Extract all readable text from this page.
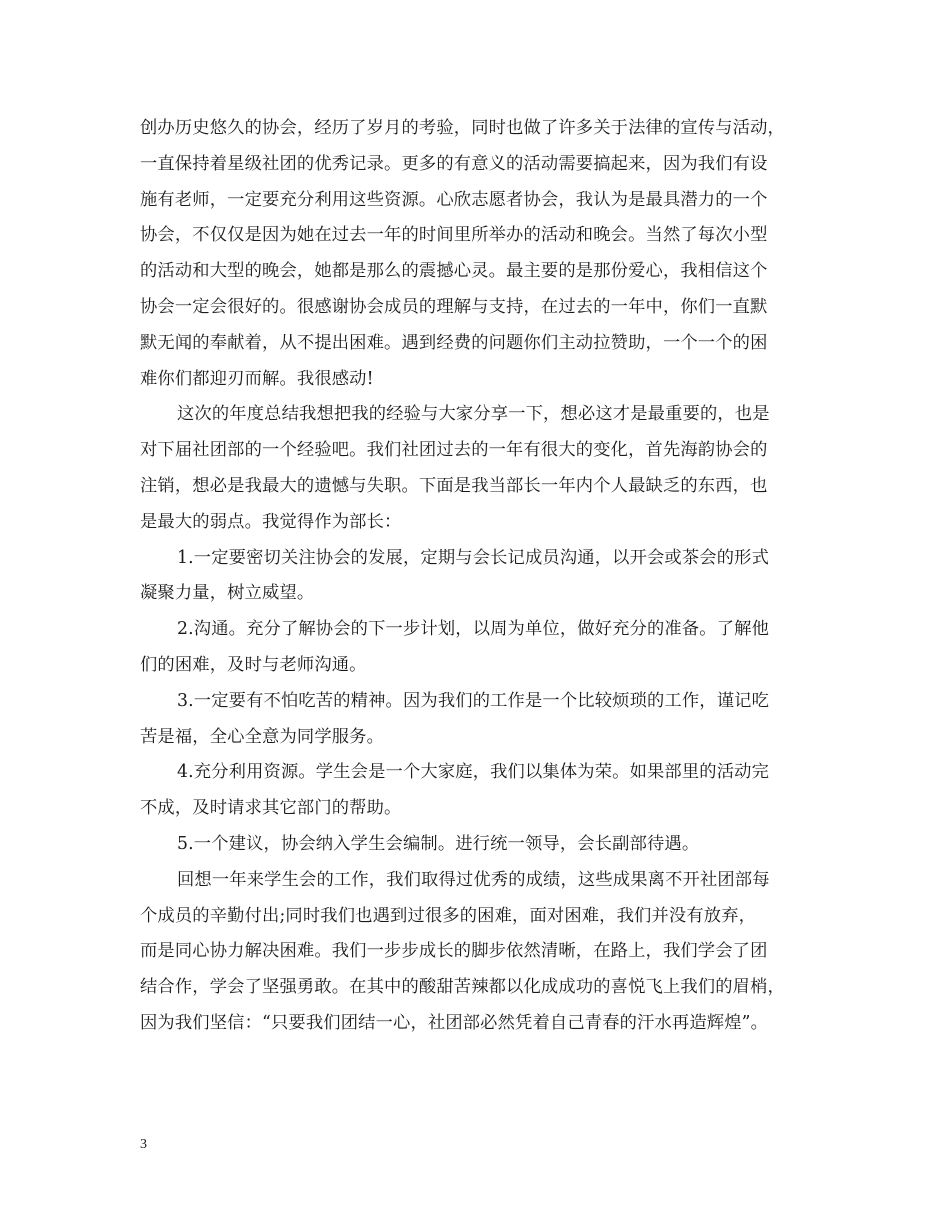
创办历史悠久的协会，经历了岁月的考验，同时也做了许多关于法律的宣传与活动，
一直保持着星级社团的优秀记录。更多的有意义的活动需要搞起来，因为我们有设
施有老师，一定要充分利用这些资源。心欣志愿者协会，我认为是最具潜力的一个
协会，不仅仅是因为她在过去一年的时间里所举办的活动和晚会。当然了每次小型
的活动和大型的晚会，她都是那么的震撼心灵。最主要的是那份爱心，我相信这个
协会一定会很好的。很感谢协会成员的理解与支持，在过去的一年中，你们一直默
默无闻的奉献着，从不提出困难。遇到经费的问题你们主动拉赞助，一个一个的困
难你们都迎刃而解。我很感动!
这次的年度总结我想把我的经验与大家分享一下，想必这才是最重要的，也是
对下届社团部的一个经验吧。我们社团过去的一年有很大的变化，首先海韵协会的
注销，想必是我最大的遗憾与失职。下面是我当部长一年内个人最缺乏的东西，也
是最大的弱点。我觉得作为部长：
1.一定要密切关注协会的发展，定期与会长记成员沟通，以开会或茶会的形式
凝聚力量，树立威望。
2.沟通。充分了解协会的下一步计划，以周为单位，做好充分的准备。了解他
们的困难，及时与老师沟通。
3.一定要有不怕吃苦的精神。因为我们的工作是一个比较烦琐的工作，谨记吃
苦是福，全心全意为同学服务。
4.充分利用资源。学生会是一个大家庭，我们以集体为荣。如果部里的活动完
不成，及时请求其它部门的帮助。
5.一个建议，协会纳入学生会编制。进行统一领导，会长副部待遇。
回想一年来学生会的工作，我们取得过优秀的成绩，这些成果离不开社团部每
个成员的辛勤付出;同时我们也遇到过很多的困难，面对困难，我们并没有放弃，
而是同心协力解决困难。我们一步步成长的脚步依然清晰，在路上，我们学会了团
结合作，学会了坚强勇敢。在其中的酸甜苦辣都以化成成功的喜悦飞上我们的眉梢，
因为我们坚信：“只要我们团结一心，社团部必然凭着自己青春的汗水再造辉煌”。
3
